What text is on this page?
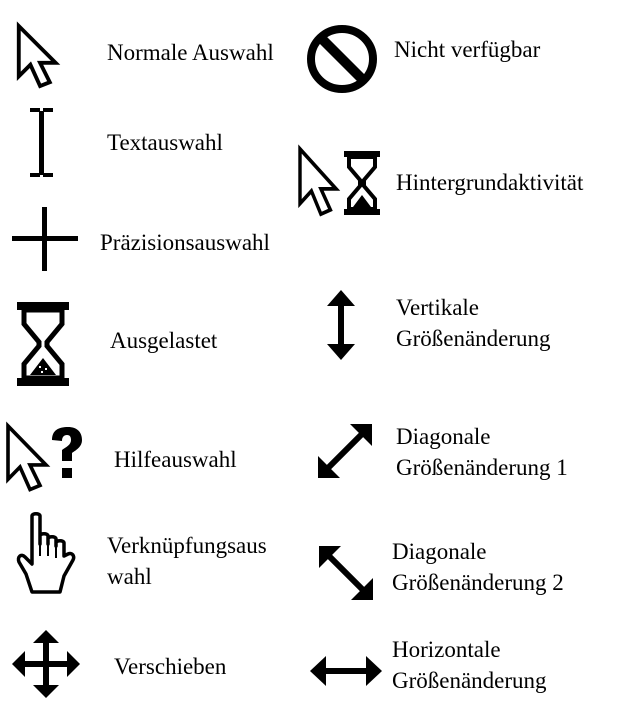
Normale Auswahl
Textauswahl
Präzisionsauswahl
Ausgelastet
Hilfeauswahl
Verknüpfungsaus
wahl
Verschieben
Nicht verfügbar
Hintergrundaktivität
Vertikale
Größenänderung
Diagonale
Größenänderung 1
Diagonale
Größenänderung 2
Horizontale
Größenänderung
